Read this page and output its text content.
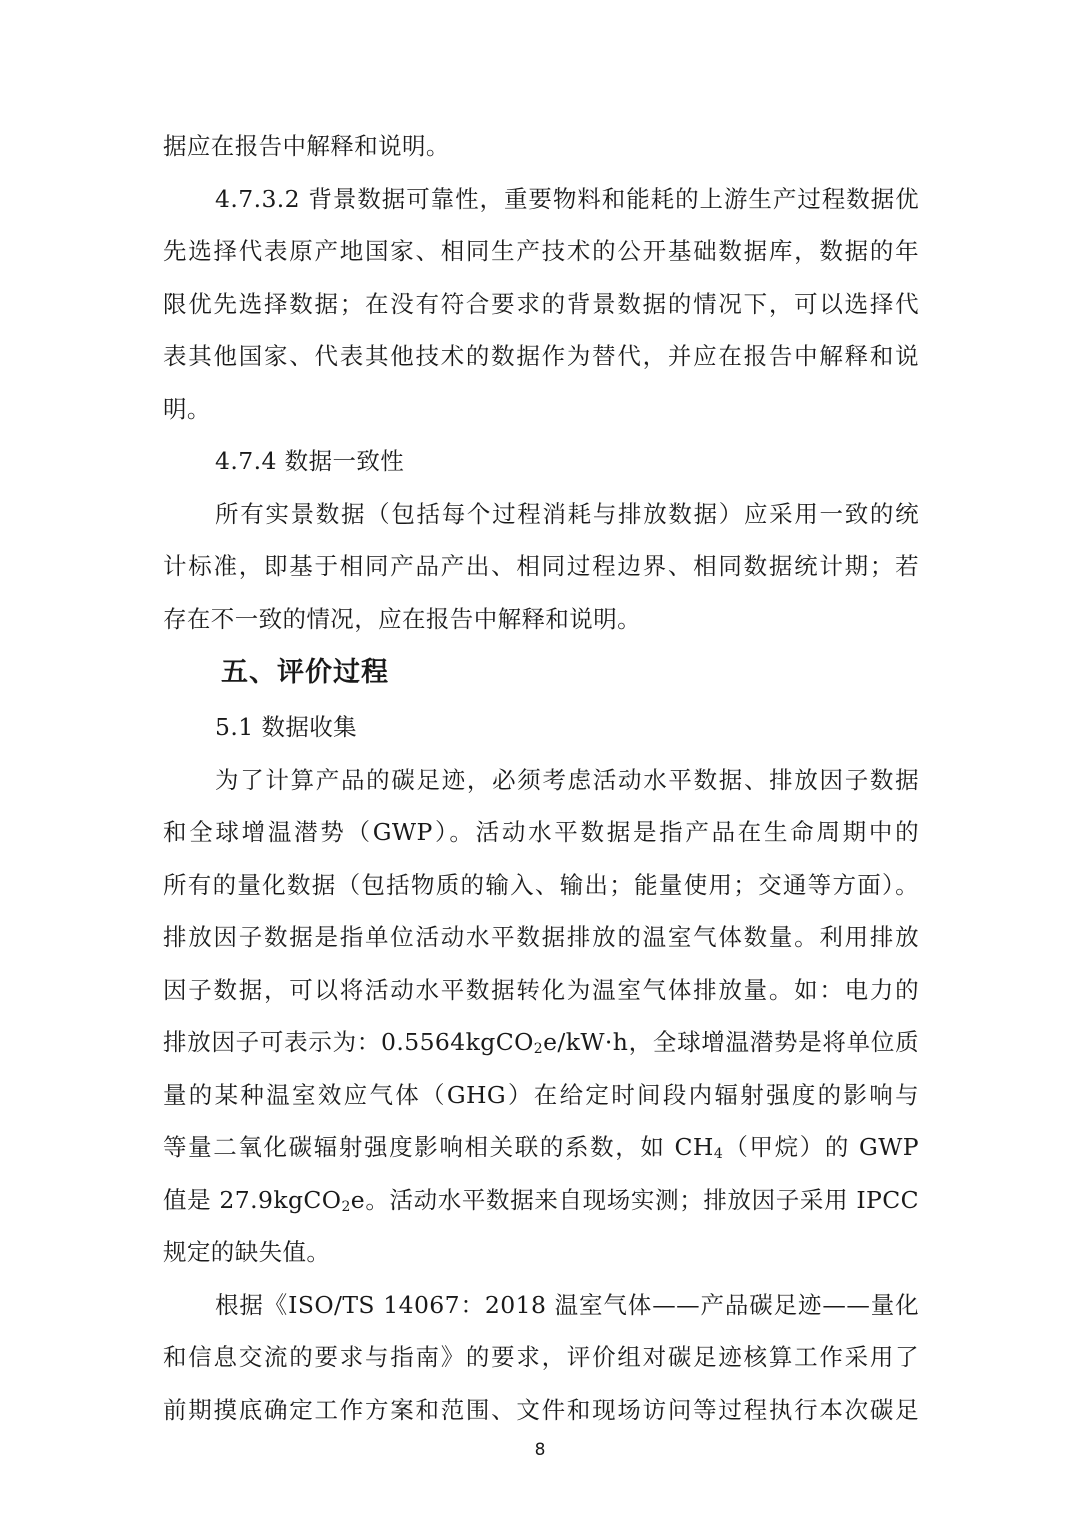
据应在报告中解释和说明。

4.7.3.2 背景数据可靠性，重要物料和能耗的上游生产过程数据优
先选择代表原产地国家、相同生产技术的公开基础数据库，数据的年
限优先选择数据；在没有符合要求的背景数据的情况下，可以选择代
表其他国家、代表其他技术的数据作为替代，并应在报告中解释和说
明。

4.7.4 数据一致性

所有实景数据（包括每个过程消耗与排放数据）应采用一致的统
计标准，即基于相同产品产出、相同过程边界、相同数据统计期；若
存在不一致的情况，应在报告中解释和说明。

五、评价过程

5.1 数据收集

为了计算产品的碳足迹，必须考虑活动水平数据、排放因子数据
和全球增温潜势（GWP）。活动水平数据是指产品在生命周期中的
所有的量化数据（包括物质的输入、输出；能量使用；交通等方面）。
排放因子数据是指单位活动水平数据排放的温室气体数量。利用排放
因子数据，可以将活动水平数据转化为温室气体排放量。如：电力的
排放因子可表示为：0.5564kgCO$_2$e/kW·h，全球增温潜势是将单位质
量的某种温室效应气体（GHG）在给定时间段内辐射强度的影响与
等量二氧化碳辐射强度影响相关联的系数，如 $CH_4$（甲烷）的 GWP
值是 27.9kgCO$_2$e。活动水平数据来自现场实测；排放因子采用 IPCC
规定的缺失值。

根据《ISO/TS 14067：2018 温室气体——产品碳足迹——量化
和信息交流的要求与指南》的要求，评价组对碳足迹核算工作采用了
前期摸底确定工作方案和范围、文件和现场访问等过程执行本次碳足

8
